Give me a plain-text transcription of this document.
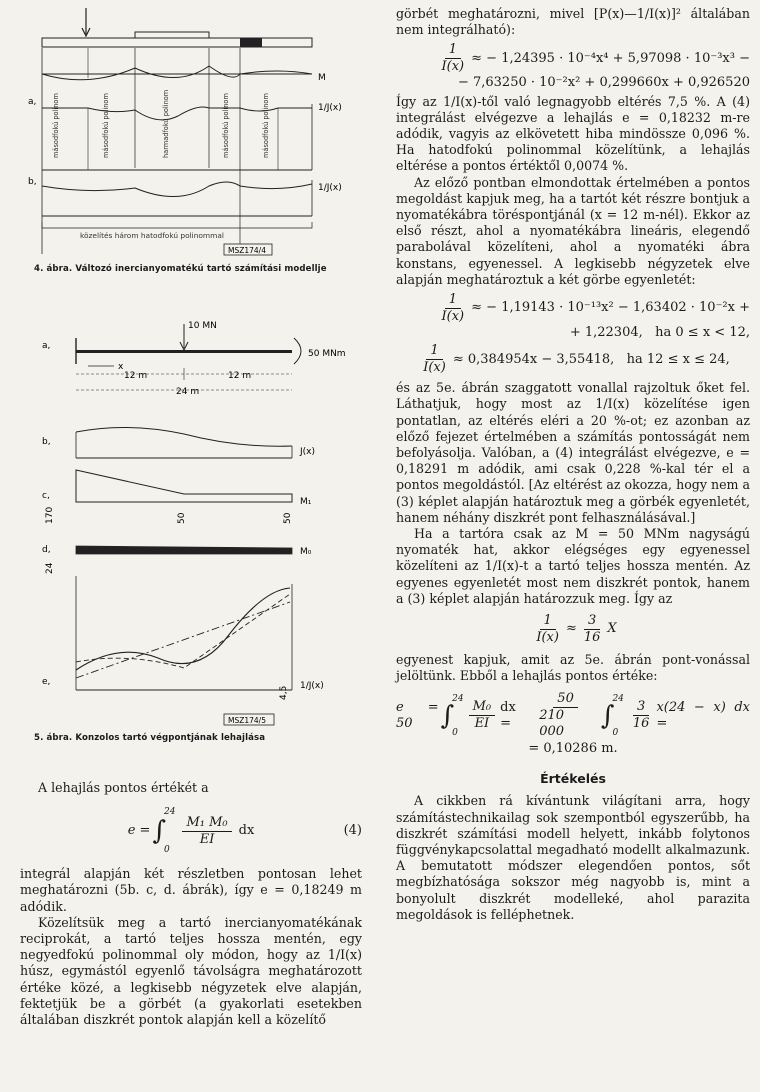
M
a,
1/J(x)
másodfokú polinom	másodfokú polinom	harmadfokú polinom	másodfokú polinom	másodfokú polinom
b,
1/J(x)
közelítés három hatodfokú polinommal
MSZ174/4
4. ábra. Változó inercianyomatékú tartó számítási modellje
a,
10 MN
50 MNm
x
12 m	12 m
24 m
b,
J(x)
c,
M₁
170	50	50
d,	M₀
24
e,
4,5 1/J(x)
MSZ174/5
5. ábra. Konzolos tartó végpontjának lehajlása

A lehajlás pontos értékét a

e = ∫
24
0
$\frac{\text{M₁ M₀}}{EI}$ dx	(4)

integrál alapján két részletben pontosan lehet meghatározni (5b. c, d. ábrák), így e = 0,18249 m adódik.

Közelítsük meg a tartó inercianyomatékának reciprokát, a tartó teljes hossza mentén, egy negyedfokú polinommal oly módon, hogy az 1/I(x) húsz, egymástól egyenlő távolságra meghatározott értéke közé, a legkisebb négyzetek elve alapján, fektetjük be a görbét (a gyakorlati esetekben általában diszkrét pontok alapján kell a közelítő

görbét meghatározni, mivel [P(x)—1/I(x)]² általában nem integrálható):

$\frac{1}{I(x)}$ ≈ − 1,24395 · 10⁻⁴x⁴ + 5,97098 · 10⁻³x³ −
− 7,63250 · 10⁻²x² + 0,299660x + 0,926520

Így az 1/I(x)-től való legnagyobb eltérés 7,5 %. A (4) integrálást elvégezve a lehajlás e = 0,18232 m-re adódik, vagyis az elkövetett hiba mindössze 0,096 %. Ha hatodfokú polinommal közelítünk, a lehajlás eltérése a pontos értéktől 0,0074 %.

Az előző pontban elmondottak értelmében a pontos megoldást kapjuk meg, ha a tartót két részre bontjuk a nyomatékábra töréspontjánál (x = 12 m-nél). Ekkor az első részt, ahol a nyomatékábra lineáris, elegendő parabolával közelíteni, ahol a nyomatéki ábra konstans, egyenessel. A legkisebb négyzetek elve alapján meghatároztuk a két görbe egyenletét:

$\frac{1}{I(x)}$ ≈ − 1,19143 · 10⁻¹³x² − 1,63402 · 10⁻²x +
+ 1,22304,   ha 0 ≤ x < 12,
$\frac{1}{I(x)} \approx 0,384954x - 3,55418$,   ha 12 ≤ x ≤ 24,

és az 5e. ábrán szaggatott vonallal rajzoltuk őket fel. Láthatjuk, hogy most az 1/I(x) közelítése igen pontatlan, az eltérés eléri a 20 %-ot; ez azonban az előző fejezet értelmében a számítás pontosságát nem befolyásolja. Valóban, a (4) integrálást elvégezve, e = 0,18291 m adódik, ami csak 0,228 %-kal tér el a pontos megoldástól. [Az eltérést az okozza, hogy nem a (3) képlet alapján határoztuk meg a görbék egyenletét, hanem néhány diszkrét pont felhasználásával.]

Ha a tartóra csak az M = 50 MNm nagyságú nyomaték hat, akkor elégséges egy egyenessel közelíteni az 1/I(x)-t a tartó teljes hossza mentén. Az egyenes egyenletét most nem diszkrét pontok, hanem a (3) képlet alapján határozzuk meg. Így az

$\frac{1}{I(x)} \approx \frac{3}{16}$ X

egyenest kapjuk, amit az 5e. ábrán pont-vonással jelöltünk. Ebből a lehajlás pontos értéke:

e = 50	∫
24
0
$\frac{\text{M₀}}{EI}$ dx =	$\frac{50}{210 000}$ ∫
24
0
$\frac{3}{16} x(24 - x)$ dx =
= 0,10286 m.
Értékelés

A cikkben rá kívántunk világítani arra, hogy számítástechnikailag sok szempontból egyszerűbb, ha diszkrét számítási modell helyett, inkább folytonos függvénykapcsolattal megadható modellt alkalmazunk. A bemutatott módszer elegendően pontos, sőt megbízhatósága sokszor még nagyobb is, mint a bonyolult diszkrét modelleké, ahol parazita megoldások is felléphetnek.
